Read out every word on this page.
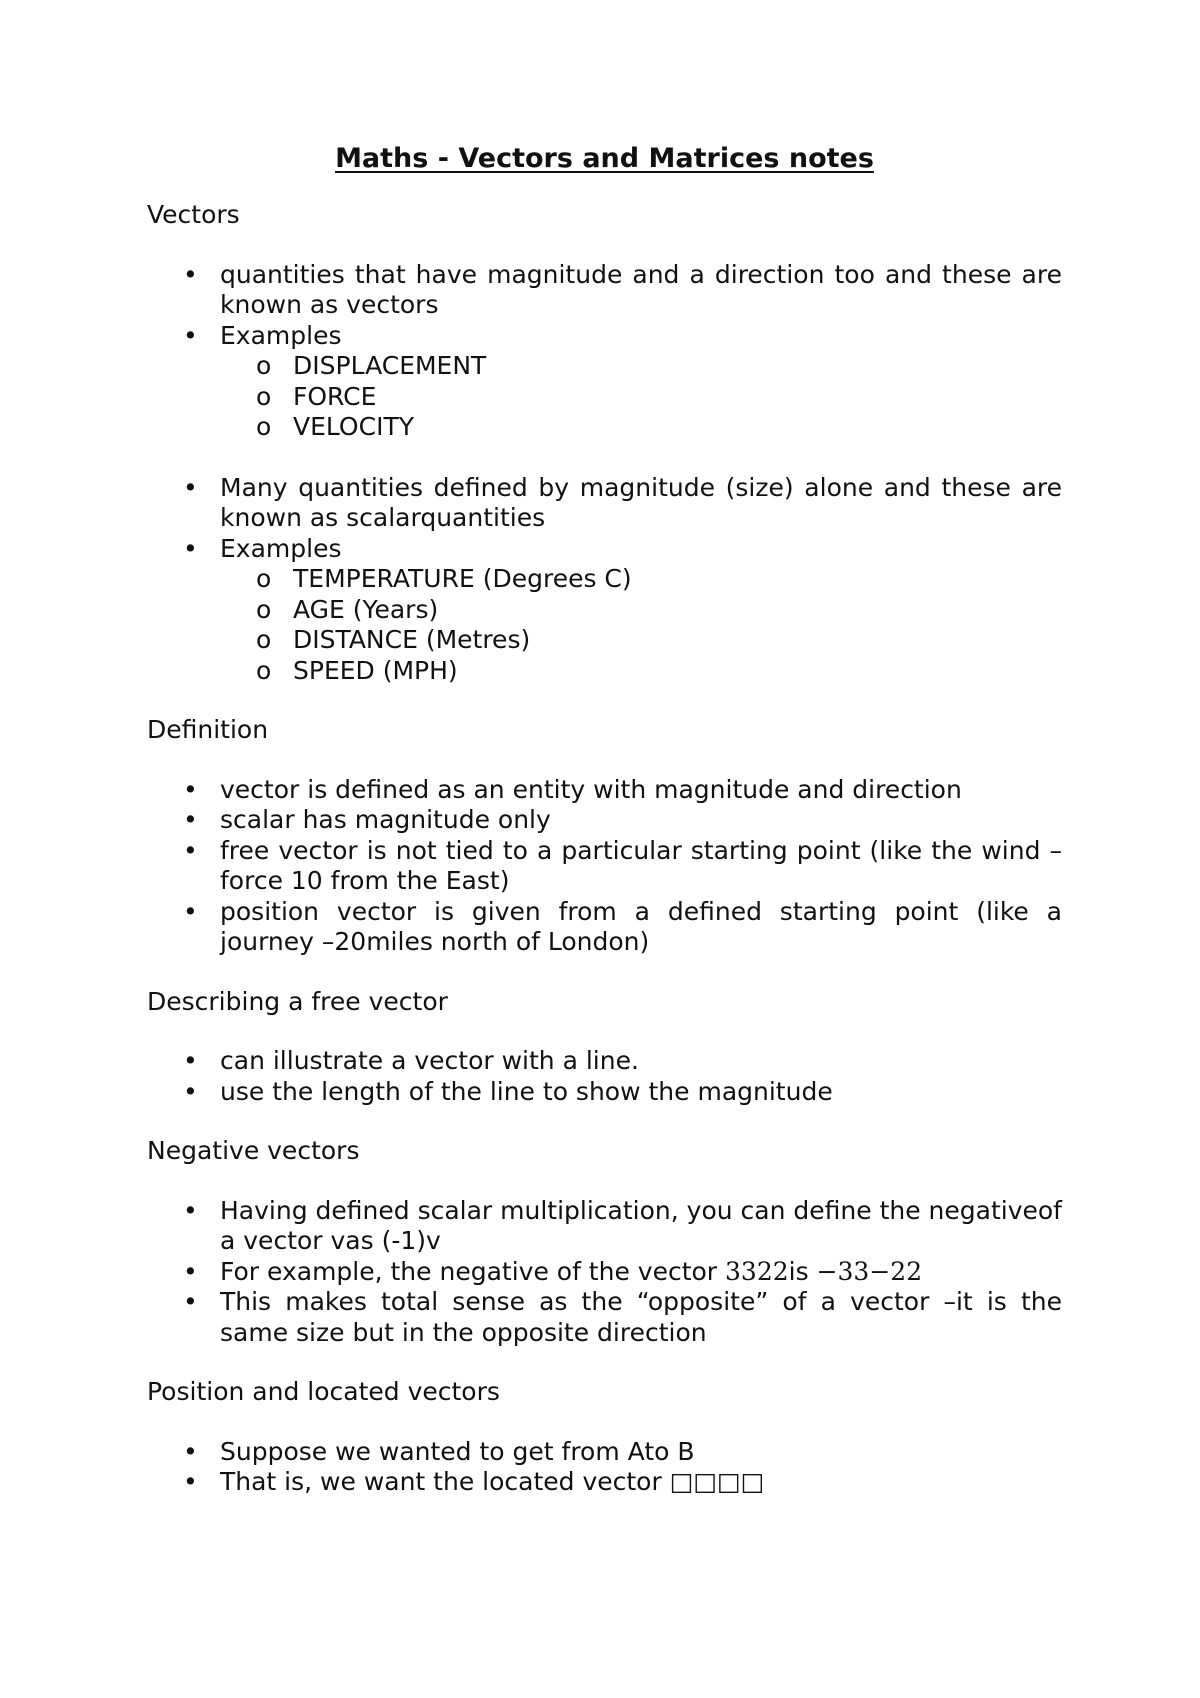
Maths - Vectors and Matrices notes
Vectors
• quantities that have magnitude and a direction too and these are known as vectors
• Examples
o DISPLACEMENT
o FORCE
o VELOCITY
• Many quantities defined by magnitude (size) alone and these are known as scalarquantities
• Examples
o TEMPERATURE (Degrees C)
o AGE (Years)
o DISTANCE (Metres)
o SPEED (MPH)
Definition
• vector is defined as an entity with magnitude and direction
• scalar has magnitude only
• free vector is not tied to a particular starting point (like the wind –force 10 from the East)
• position vector is given from a defined starting point (like a journey –20miles north of London)
Describing a free vector
• can illustrate a vector with a line.
• use the length of the line to show the magnitude
Negative vectors
• Having defined scalar multiplication, you can define the negativeof a vector vas (-1)v
• For example, the negative of the vector 3322is −33−22
• This makes total sense as the “opposite” of a vector –it is the same size but in the opposite direction
Position and located vectors
• Suppose we wanted to get from Ato B
• That is, we want the located vector □□□□
